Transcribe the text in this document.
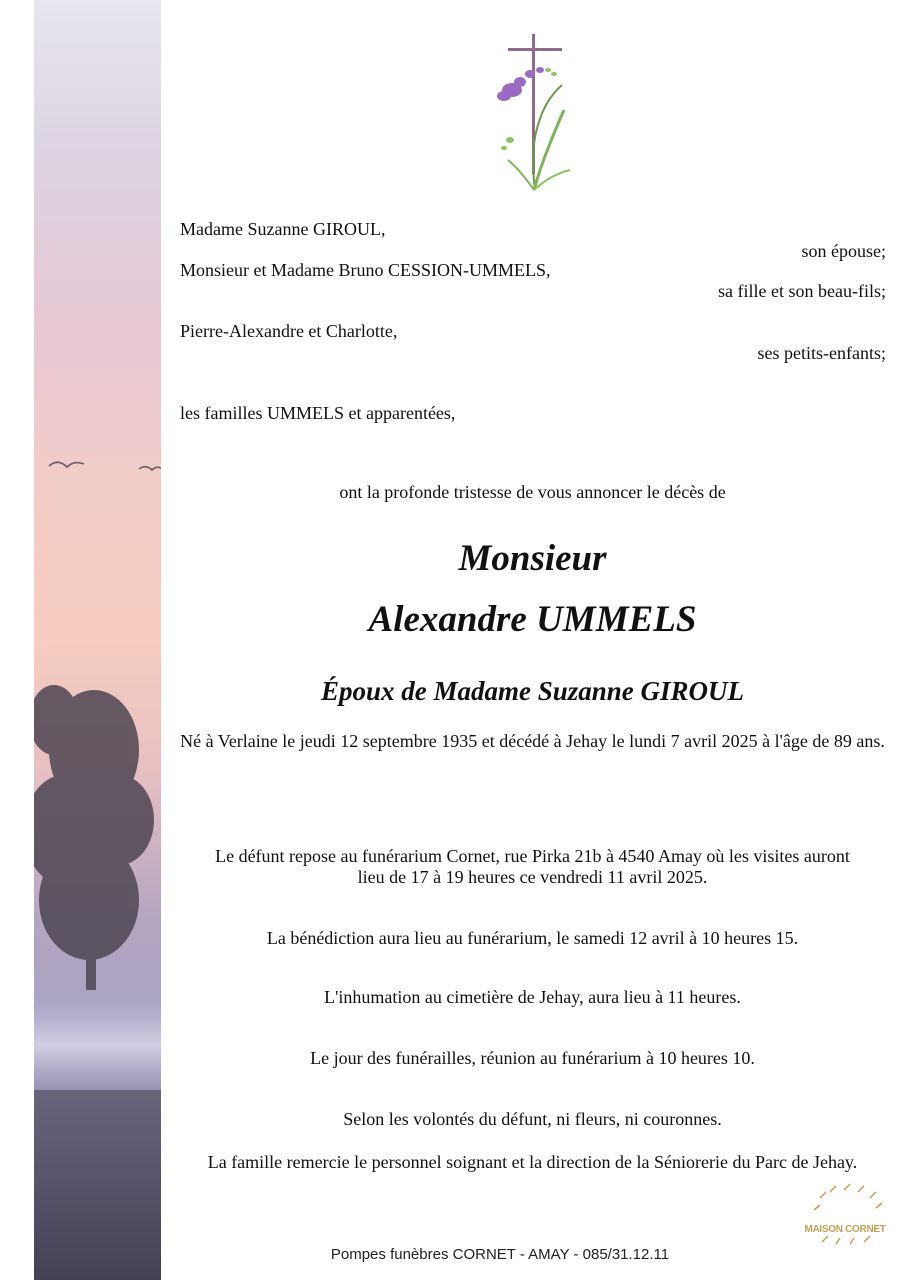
Madame Suzanne GIROUL,
son épouse;
Monsieur et Madame Bruno CESSION-UMMELS,
sa fille et son beau-fils;
Pierre-Alexandre et Charlotte,
ses petits-enfants;
les familles UMMELS et apparentées,
ont la profonde tristesse de vous annoncer le décès de
Monsieur
Alexandre UMMELS
Époux de Madame Suzanne GIROUL
Né à Verlaine le jeudi 12 septembre 1935 et décédé à Jehay le lundi 7 avril 2025 à l'âge de 89 ans.
Le défunt repose au funérarium Cornet, rue Pirka 21b à 4540 Amay où les visites auront lieu de 17 à 19 heures ce vendredi 11 avril 2025.
La bénédiction aura lieu au funérarium, le samedi 12 avril à 10 heures 15.
L'inhumation au cimetière de Jehay, aura lieu à 11 heures.
Le jour des funérailles, réunion au funérarium à 10 heures 10.
Selon les volontés du défunt, ni fleurs, ni couronnes.
La famille remercie le personnel soignant et la direction de la Séniorerie du Parc de Jehay.
Pompes funèbres CORNET - AMAY - 085/31.12.11
MAISON CORNET
